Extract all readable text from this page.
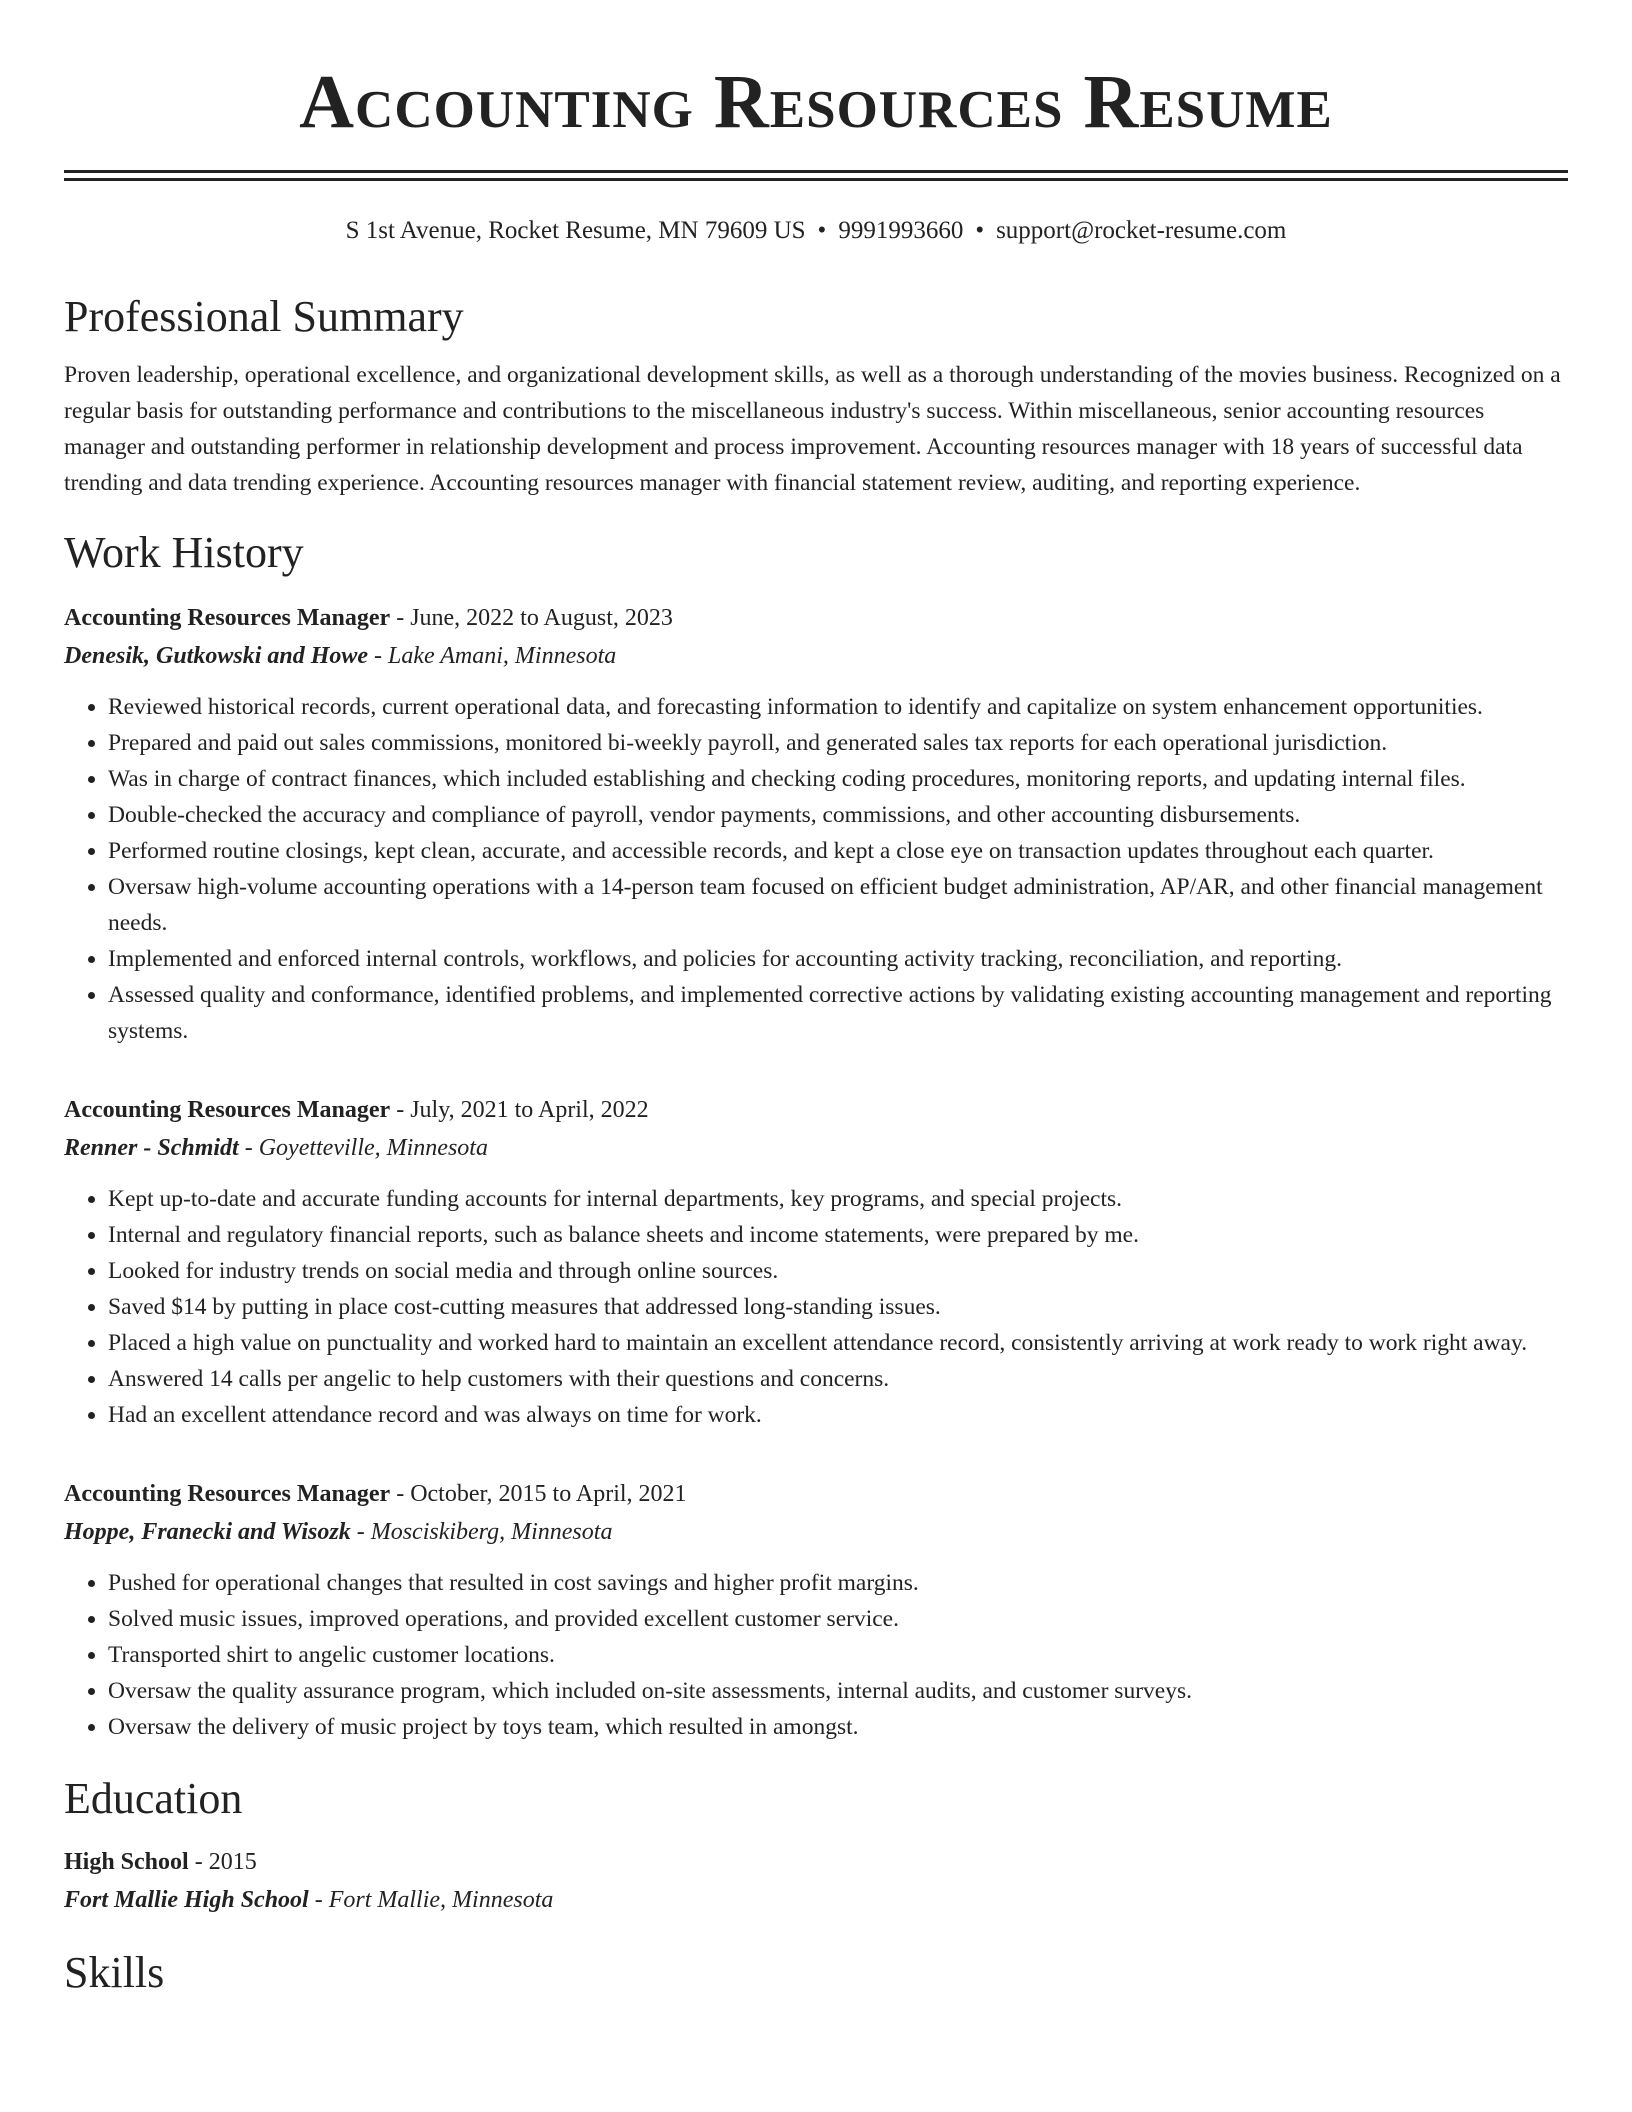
Accounting Resources Resume
S 1st Avenue, Rocket Resume, MN 79609 US • 9991993660 • support@rocket-resume.com
Professional Summary

Proven leadership, operational excellence, and organizational development skills, as well as a thorough understanding of the movies business. Recognized on a regular basis for outstanding performance and contributions to the miscellaneous industry's success. Within miscellaneous, senior accounting resources manager and outstanding performer in relationship development and process improvement. Accounting resources manager with 18 years of successful data trending and data trending experience. Accounting resources manager with financial statement review, auditing, and reporting experience.

Work History
Accounting Resources Manager - June, 2022 to August, 2023
Denesik, Gutkowski and Howe - Lake Amani, Minnesota
• Reviewed historical records, current operational data, and forecasting information to identify and capitalize on system enhancement opportunities.
• Prepared and paid out sales commissions, monitored bi-weekly payroll, and generated sales tax reports for each operational jurisdiction.
• Was in charge of contract finances, which included establishing and checking coding procedures, monitoring reports, and updating internal files.
• Double-checked the accuracy and compliance of payroll, vendor payments, commissions, and other accounting disbursements.
• Performed routine closings, kept clean, accurate, and accessible records, and kept a close eye on transaction updates throughout each quarter.
• Oversaw high-volume accounting operations with a 14-person team focused on efficient budget administration, AP/AR, and other financial management needs.
• Implemented and enforced internal controls, workflows, and policies for accounting activity tracking, reconciliation, and reporting.
• Assessed quality and conformance, identified problems, and implemented corrective actions by validating existing accounting management and reporting systems.
Accounting Resources Manager - July, 2021 to April, 2022
Renner - Schmidt - Goyetteville, Minnesota
• Kept up-to-date and accurate funding accounts for internal departments, key programs, and special projects.
• Internal and regulatory financial reports, such as balance sheets and income statements, were prepared by me.
• Looked for industry trends on social media and through online sources.
• Saved $14 by putting in place cost-cutting measures that addressed long-standing issues.
• Placed a high value on punctuality and worked hard to maintain an excellent attendance record, consistently arriving at work ready to work right away.
• Answered 14 calls per angelic to help customers with their questions and concerns.
• Had an excellent attendance record and was always on time for work.
Accounting Resources Manager - October, 2015 to April, 2021
Hoppe, Franecki and Wisozk - Mosciskiberg, Minnesota
• Pushed for operational changes that resulted in cost savings and higher profit margins.
• Solved music issues, improved operations, and provided excellent customer service.
• Transported shirt to angelic customer locations.
• Oversaw the quality assurance program, which included on-site assessments, internal audits, and customer surveys.
• Oversaw the delivery of music project by toys team, which resulted in amongst.
Education
High School - 2015
Fort Mallie High School - Fort Mallie, Minnesota
Skills
